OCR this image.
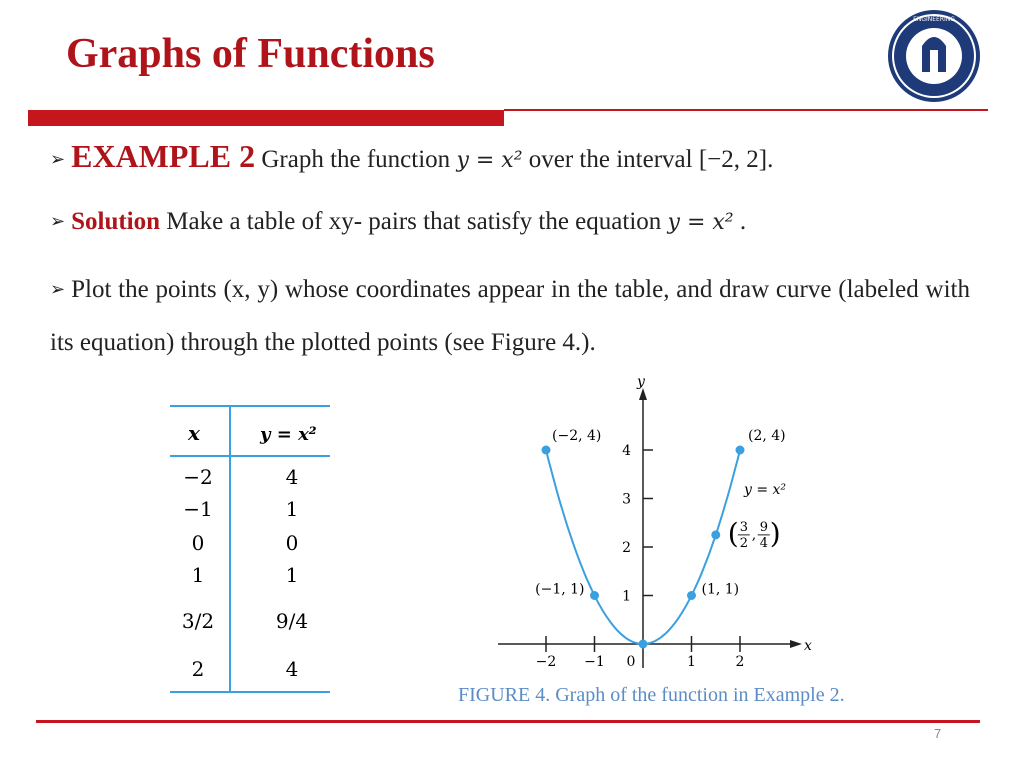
Graphs of Functions
ENGINEERING
➢ EXAMPLE 2 Graph the function y = x² over the interval [−2, 2].
➢ Solution Make a table of xy- pairs that satisfy the equation y = x² .
➢ Plot the points (x, y) whose coordinates appear in the table, and draw curve (labeled with its equation) through the plotted points (see Figure 4.).
x	y = x²
−2	4
−1	1
0	0
1	1
3/2	9/4
2	4
x
y
−2 −1 0	1	2
1
2
3
4
(−2, 4)
(−1, 1)	(1, 1)
(2, 4)
( 3
2
, 9
4 )
y = x²
FIGURE 4. Graph of the function in Example 2.
7
